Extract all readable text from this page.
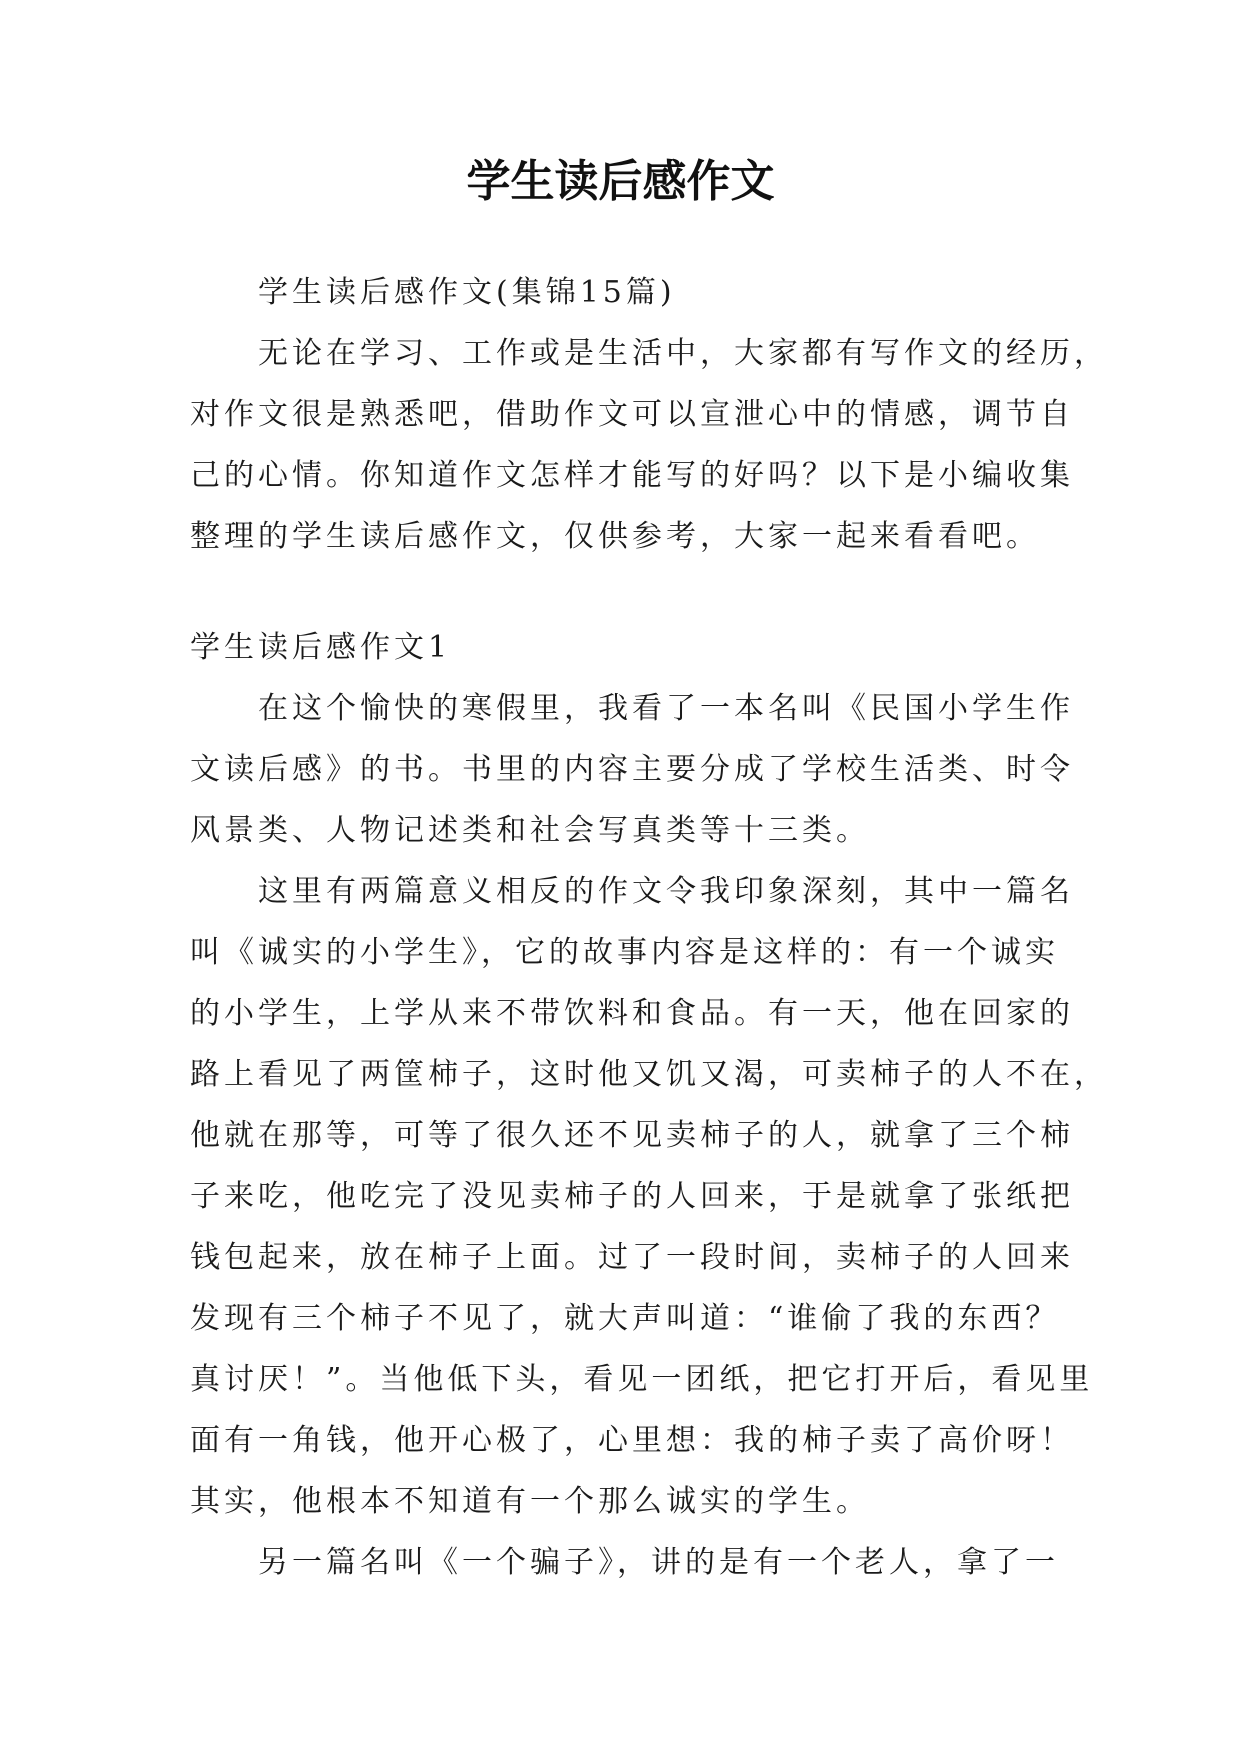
学生读后感作文
学生读后感作文(集锦15篇)
无论在学习、工作或是生活中，大家都有写作文的经历，
对作文很是熟悉吧，借助作文可以宣泄心中的情感，调节自
己的心情。你知道作文怎样才能写的好吗？以下是小编收集
整理的学生读后感作文，仅供参考，大家一起来看看吧。
学生读后感作文1
在这个愉快的寒假里，我看了一本名叫《民国小学生作
文读后感》的书。书里的内容主要分成了学校生活类、时令
风景类、人物记述类和社会写真类等十三类。
这里有两篇意义相反的作文令我印象深刻，其中一篇名
叫《诚实的小学生》，它的故事内容是这样的：有一个诚实
的小学生，上学从来不带饮料和食品。有一天，他在回家的
路上看见了两筐柿子，这时他又饥又渴，可卖柿子的人不在，
他就在那等，可等了很久还不见卖柿子的人，就拿了三个柿
子来吃，他吃完了没见卖柿子的人回来，于是就拿了张纸把
钱包起来，放在柿子上面。过了一段时间，卖柿子的人回来
发现有三个柿子不见了，就大声叫道：“谁偷了我的东西？
真讨厌！”。当他低下头，看见一团纸，把它打开后，看见里
面有一角钱，他开心极了，心里想：我的柿子卖了高价呀！
其实，他根本不知道有一个那么诚实的学生。
另一篇名叫《一个骗子》，讲的是有一个老人，拿了一
